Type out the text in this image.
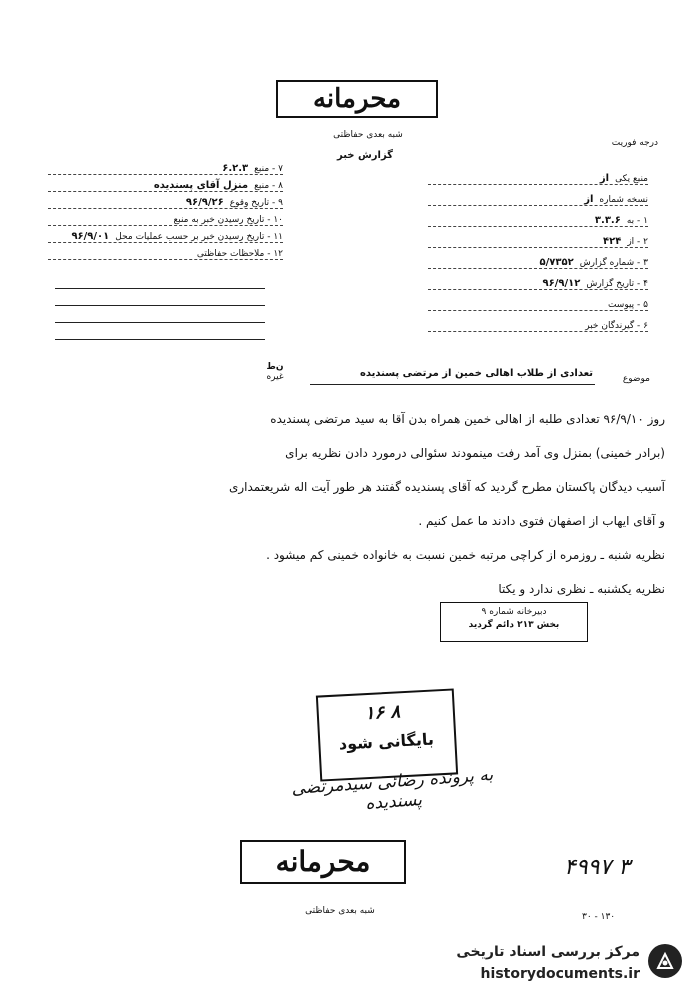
محرمانه
شبه بعدی حفاظتی
گزارش خبر
درجه فوریت
منبع یکی
از
نسخه شماره
از
۱ - به
۳.۳.۶
۲ - از
۴۲۴
۳ - شماره گزارش
۵/۷۳۵۲
۴ - تاریخ گزارش
۹۶/۹/۱۲
۵ - پیوست
۶ - گیرندگان خبر
۷ - منبع
۶.۲.۳
۸ - منبع
منزل آقای پسندیده
۹ - تاریخ وقوع
۹۶/۹/۲۶
۱۰ - تاریخ رسیدن خبر به منبع
۱۱ - تاریخ رسیدن خبر بر حسب عملیات محل
۹۶/۹/۰۱
۱۲ - ملاحظات حفاظتی
ن‌ط
غیره	تعدادی از طلاب اهالی خمین از مرتضی پسندیده	موضوع
روز ۹۶/۹/۱۰ تعدادی طلبه از اهالی خمین همراه بدن آقا به سید مرتضی پسندیده
(برادر خمینی) بمنزل وی آمد رفت مینمودند سئوالی درمورد دادن نظریه برای
آسیب دیدگان پاکستان مطرح گردید که آقای پسندیده گفتند هر طور آیت اله شریعتمداری
و آقای ایهاب از اصفهان فتوی دادند ما عمل کنیم .
نظریه شنبه ـ روزمره از کراچی مرتبه خمین نسبت به خانواده خمینی کم میشود .
نظریه یکشنبه ـ نظری ندارد و یکتا
دبیرخانه شماره ۹
بخش ۲۱۳ دائم گردید
۱۶ ۸
بایگانی شود
به پرونده رضائی سیدمرتضی پسندیده
محرمانه
شبه بعدی حفاظتی
۴۹۹۷ ۳
۳۰ - ۱۳۰
مرکز بررسی اسناد تاریخی
historydocuments.ir
